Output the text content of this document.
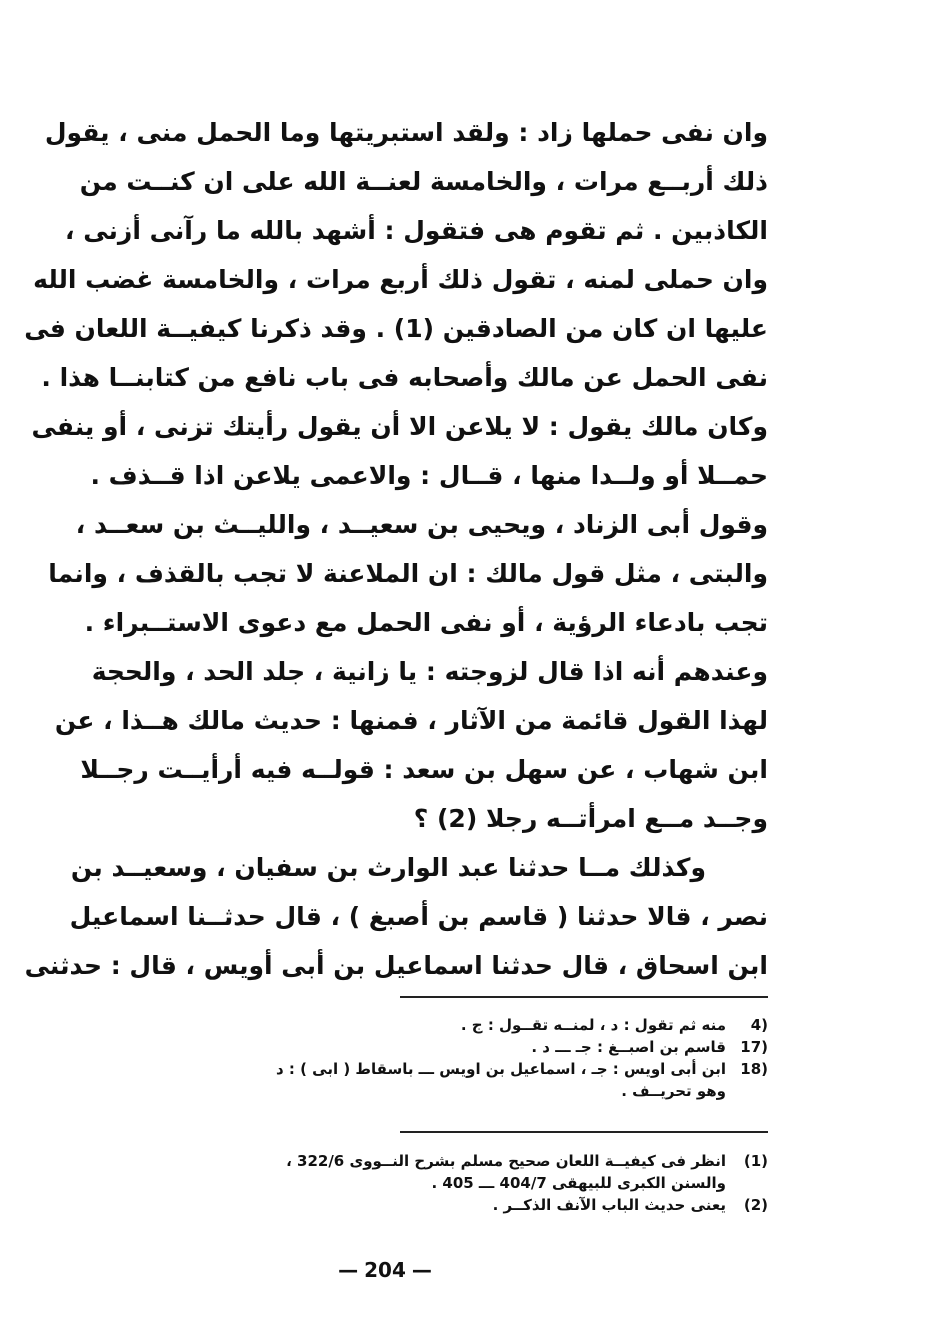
وان نفى حملها زاد : ولقد استبريتها وما الحمل منى ، يقول
ذلك أربــع مرات ، والخامسة لعنــة الله على ان كنــت من
الكاذبين . ثم تقوم هى فتقول : أشهد بالله ما رآنى أزنى ،
وان حملى لمنه ، تقول ذلك أربع مرات ، والخامسة غضب الله
عليها ان كان من الصادقين (1) . وقد ذكرنا كيفيــة اللعان فى
نفى الحمل عن مالك وأصحابه فى باب نافع من كتابنــا هذا .
وكان مالك يقول : لا يلاعن الا أن يقول رأيتك تزنى ، أو ينفى
حمــلا أو ولــدا منها ، قــال : والاعمى يلاعن اذا قــذف .
وقول أبى الزناد ، ويحيى بن سعيــد ، والليــث بن سعــد ،
والبتى ، مثل قول مالك : ان الملاعنة لا تجب بالقذف ، وانما
تجب بادعاء الرؤية ، أو نفى الحمل مع دعوى الاستــبراء .
وعندهم أنه اذا قال لزوجته : يا زانية ، جلد الحد ، والحجة
لهذا القول قائمة من الآثار ، فمنها : حديث مالك هــذا ، عن
ابن شهاب ، عن سهل بن سعد : قولــه فيه أرأيــت رجــلا
وجــد مــع امرأتــه رجلا (2) ؟
وكذلك مــا حدثنا عبد الوارث بن سفيان ، وسعيــد بن
نصر ، قالا حدثنا ( قاسم بن أصبغ ) ، قال حدثــنا اسماعيل
ابن اسحاق ، قال حدثنا اسماعيل بن أبى أويس ، قال : حدثنى
4)
منه ثم تقول : د ، لمنــه تقــول : ج .
17)
قاسم بن اصبــغ : جـ ـــ د .
18)
ابن أبى اويس : جـ ، اسماعيل بن اويس ـــ باسقاط ( ابى ) : د
وهو تحريــف .
(1)
انظر فى كيفيــة اللعان صحيح مسلم بشرح النــووى 322/6 ،
والسنن الكبرى للبيهقى 404/7 ـــ 405 .
(2)
يعنى حديث الباب الآنف الذكــر .
— 204 —
